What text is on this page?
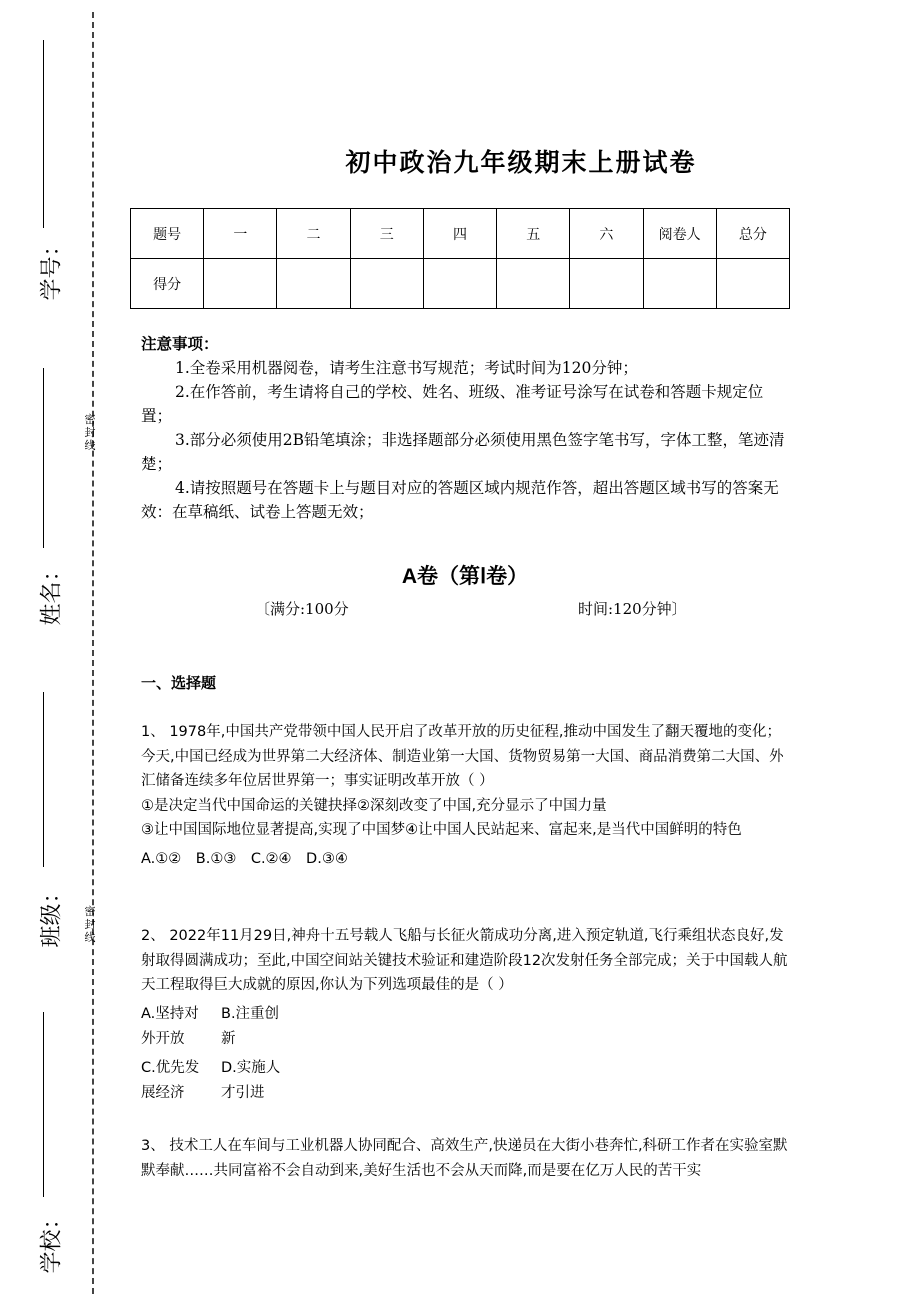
学号：
姓名：
班级：
学校：
密
封
线
密
封
线
初中政治九年级期末上册试卷
题号	一	二	三	四	五	六	阅卷人	总分
得分								
注意事项：

1.全卷采用机器阅卷，请考生注意书写规范；考试时间为120分钟；

2.在作答前，考生请将自己的学校、姓名、班级、准考证号涂写在试卷和答题卡规定位置；

3.部分必须使用2B铅笔填涂；非选择题部分必须使用黑色签字笔书写，字体工整，笔迹清楚；

4.请按照题号在答题卡上与题目对应的答题区域内规范作答，超出答题区域书写的答案无效：在草稿纸、试卷上答题无效；

A卷（第Ⅰ卷）
〔满分:100分	时间:120分钟〕
一、选择题

1、 1978年,中国共产党带领中国人民开启了改革开放的历史征程,推动中国发生了翻天覆地的变化；今天,中国已经成为世界第二大经济体、制造业第一大国、货物贸易第一大国、商品消费第二大国、外汇储备连续多年位居世界第一；事实证明改革开放（ ）

①是决定当代中国命运的关键抉择②深刻改变了中国,充分显示了中国力量

③让中国国际地位显著提高,实现了中国梦④让中国人民站起来、富起来,是当代中国鲜明的特色

A.①②　B.①③　C.②④　D.③④

2、 2022年11月29日,神舟十五号载人飞船与长征火箭成功分离,进入预定轨道,飞行乘组状态良好,发射取得圆满成功；至此,中国空间站关键技术验证和建造阶段12次发射任务全部完成；关于中国载人航天工程取得巨大成就的原因,你认为下列选项最佳的是（ ）

A.坚持对	B.注重创
外开放	新
C.优先发	D.实施人
展经济	才引进

3、 技术工人在车间与工业机器人协同配合、高效生产,快递员在大街小巷奔忙,科研工作者在实验室默默奉献……共同富裕不会自动到来,美好生活也不会从天而降,而是要在亿万人民的苦干实
